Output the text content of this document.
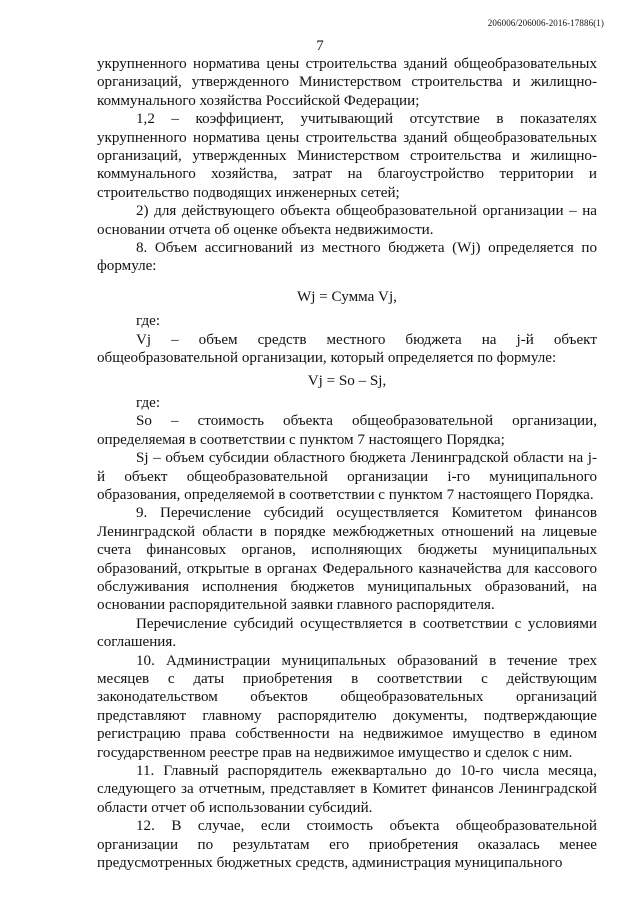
206006/206006-2016-17886(1)
7

укрупненного норматива цены строительства зданий общеобразовательных организаций, утвержденного Министерством строительства и жилищно-коммунального хозяйства Российской Федерации;

1,2 – коэффициент, учитывающий отсутствие в показателях укрупненного норматива цены строительства зданий общеобразовательных организаций, утвержденных Министерством строительства и жилищно-коммунального хозяйства, затрат на благоустройство территории и строительство подводящих инженерных сетей;

2) для действующего объекта общеобразовательной организации – на основании отчета об оценке объекта недвижимости.

8. Объем ассигнований из местного бюджета (Wj) определяется по формуле:

Wj = Сумма Vj,

где:

Vj – объем средств местного бюджета на j-й объект

общеобразовательной организации, который определяется по формуле:

Vj = So – Sj,

где:

So – стоимость объекта общеобразовательной организации,

определяемая в соответствии с пунктом 7 настоящего Порядка;

Sj – объем субсидии областного бюджета Ленинградской области на j-й объект общеобразовательной организации i-го муниципального образования, определяемой в соответствии с пунктом 7 настоящего Порядка.

9. Перечисление субсидий осуществляется Комитетом финансов Ленинградской области в порядке межбюджетных отношений на лицевые счета финансовых органов, исполняющих бюджеты муниципальных образований, открытые в органах Федерального казначейства для кассового обслуживания исполнения бюджетов муниципальных образований, на основании распорядительной заявки главного распорядителя.

Перечисление субсидий осуществляется в соответствии с условиями соглашения.

10. Администрации муниципальных образований в течение трех месяцев с даты приобретения в соответствии с действующим законодательством объектов общеобразовательных организаций представляют главному распорядителю документы, подтверждающие регистрацию права собственности на недвижимое имущество в едином государственном реестре прав на недвижимое имущество и сделок с ним.

11. Главный распорядитель ежеквартально до 10-го числа месяца, следующего за отчетным, представляет в Комитет финансов Ленинградской области отчет об использовании субсидий.

12. В случае, если стоимость объекта общеобразовательной организации по результатам его приобретения оказалась менее предусмотренных бюджетных средств, администрация муниципального
